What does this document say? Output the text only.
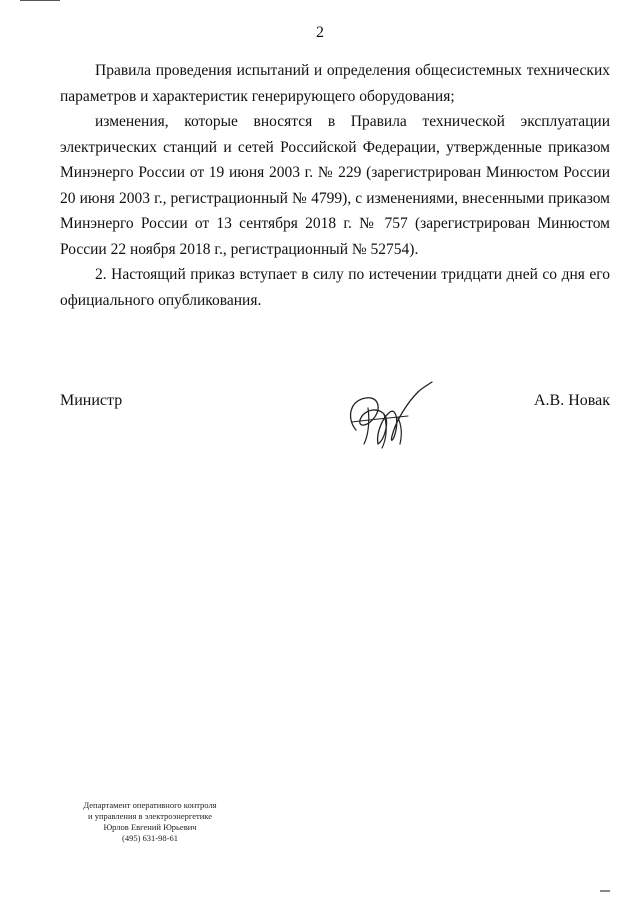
2

Правила проведения испытаний и определения общесистемных технических параметров и характеристик генерирующего оборудования;

изменения, которые вносятся в Правила технической эксплуатации электрических станций и сетей Российской Федерации, утвержденные приказом Минэнерго России от 19 июня 2003 г. № 229 (зарегистрирован Минюстом России 20 июня 2003 г., регистрационный № 4799), с изменениями, внесенными приказом Минэнерго России от 13 сентября 2018 г. № 757 (зарегистрирован Минюстом России 22 ноября 2018 г., регистрационный № 52754).

2. Настоящий приказ вступает в силу по истечении тридцати дней со дня его официального опубликования.

Министр	А.В. Новак
Департамент оперативного контроля
и управления в электроэнергетике
Юрлов Евгений Юрьевич
(495) 631-98-61
